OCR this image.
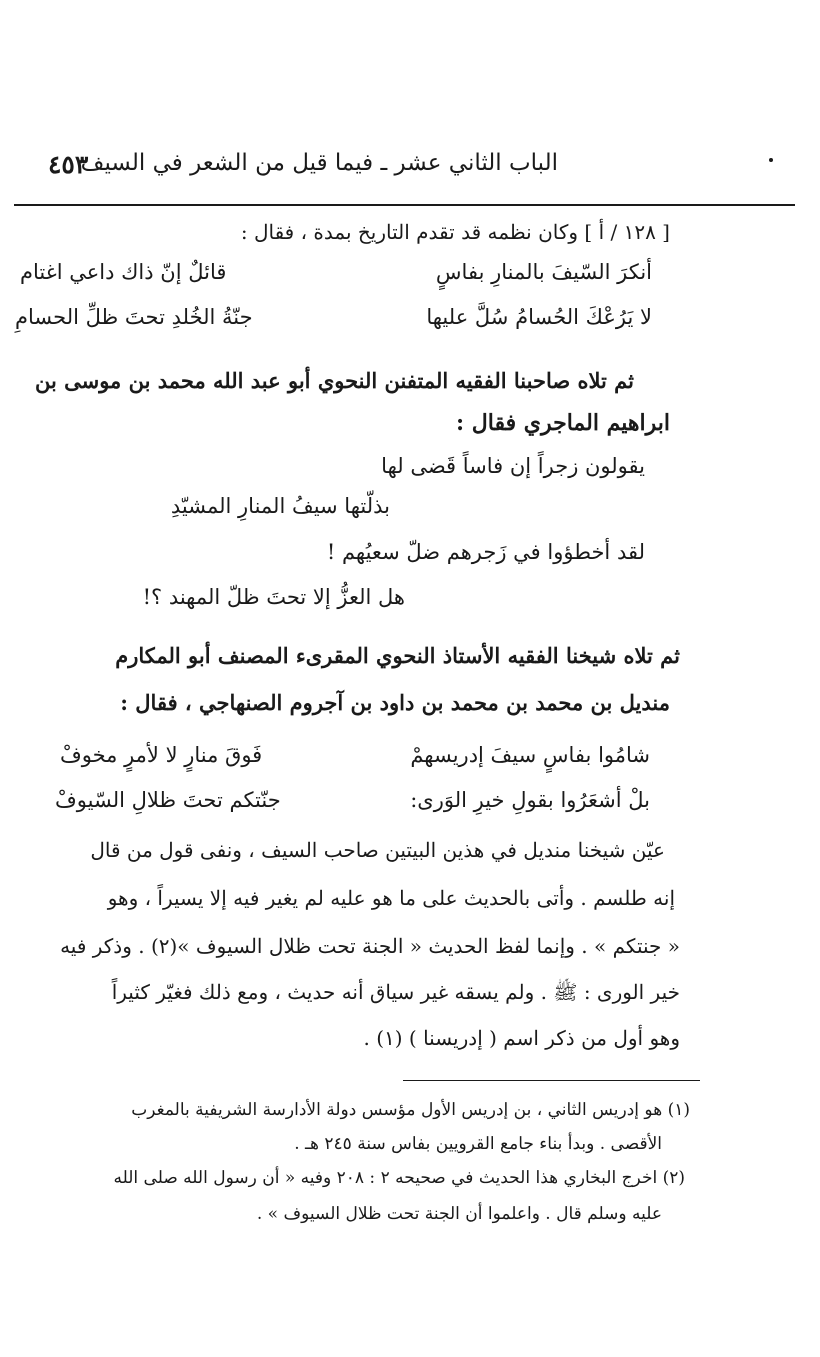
الباب الثاني عشر ـ فيما قيل من الشعر في السيف
٤٥٣
[ ١٢٨ / أ ] وكان نظمه قد تقدم التاريخ بمدة ، فقال :
أنكرَ السّيفَ بالمنارِ بفاسٍ
قائلٌ إنّ ذاك داعي اغتام
لا يَرُعْكَ الحُسامُ سُلَّ عليها
جنّةُ الخُلدِ تحتَ ظلِّ الحسامِ
ثم تلاه صاحبنا الفقيه المتفنن النحوي أبو عبد الله محمد بن موسى بن
ابراهيم الماجري فقال :
يقولون زجراً إن فاساً قَضى لها
بذلّتها سيفُ المنارِ المشيّدِ
لقد أخطؤوا في زَجرهم ضلّ سعيُهم !
هل العزُّ إلا تحتَ ظلّ المهند ؟!
ثم تلاه شيخنا الفقيه الأستاذ النحوي المقرىء المصنف أبو المكارم
منديل بن محمد بن محمد بن داود بن آجروم الصنهاجي ، فقال :
شامُوا بفاسٍ سيفَ إدريسهمْ
فَوقَ منارٍ لا لأمرٍ مخوفْ
بلْ أشعَرُوا بقولِ خيرِ الوَرى:
جنّتكم تحتَ ظلالِ السّيوفْ
عيّن شيخنا منديل في هذين البيتين صاحب السيف ، ونفى قول من قال
إنه طلسم . وأتى بالحديث على ما هو عليه لم يغير فيه إلا يسيراً ، وهو
« جنتكم » . وإنما لفظ الحديث « الجنة تحت ظلال السيوف »(٢) . وذكر فيه
خير الورى : ﷺ . ولم يسقه غير سياق أنه حديث ، ومع ذلك فغيّر كثيراً
وهو أول من ذكر اسم ( إدريسنا ) (١) .
(١) هو إدريس الثاني ، بن إدريس الأول مؤسس دولة الأدارسة الشريفية بالمغرب
الأقصى . وبدأ بناء جامع القرويين بفاس سنة ٢٤٥ هـ .
(٢) اخرج البخاري هذا الحديث في صحيحه ٢ : ٢٠٨ وفيه « أن رسول الله صلى الله
عليه وسلم قال . واعلموا أن الجنة تحت ظلال السيوف » .
